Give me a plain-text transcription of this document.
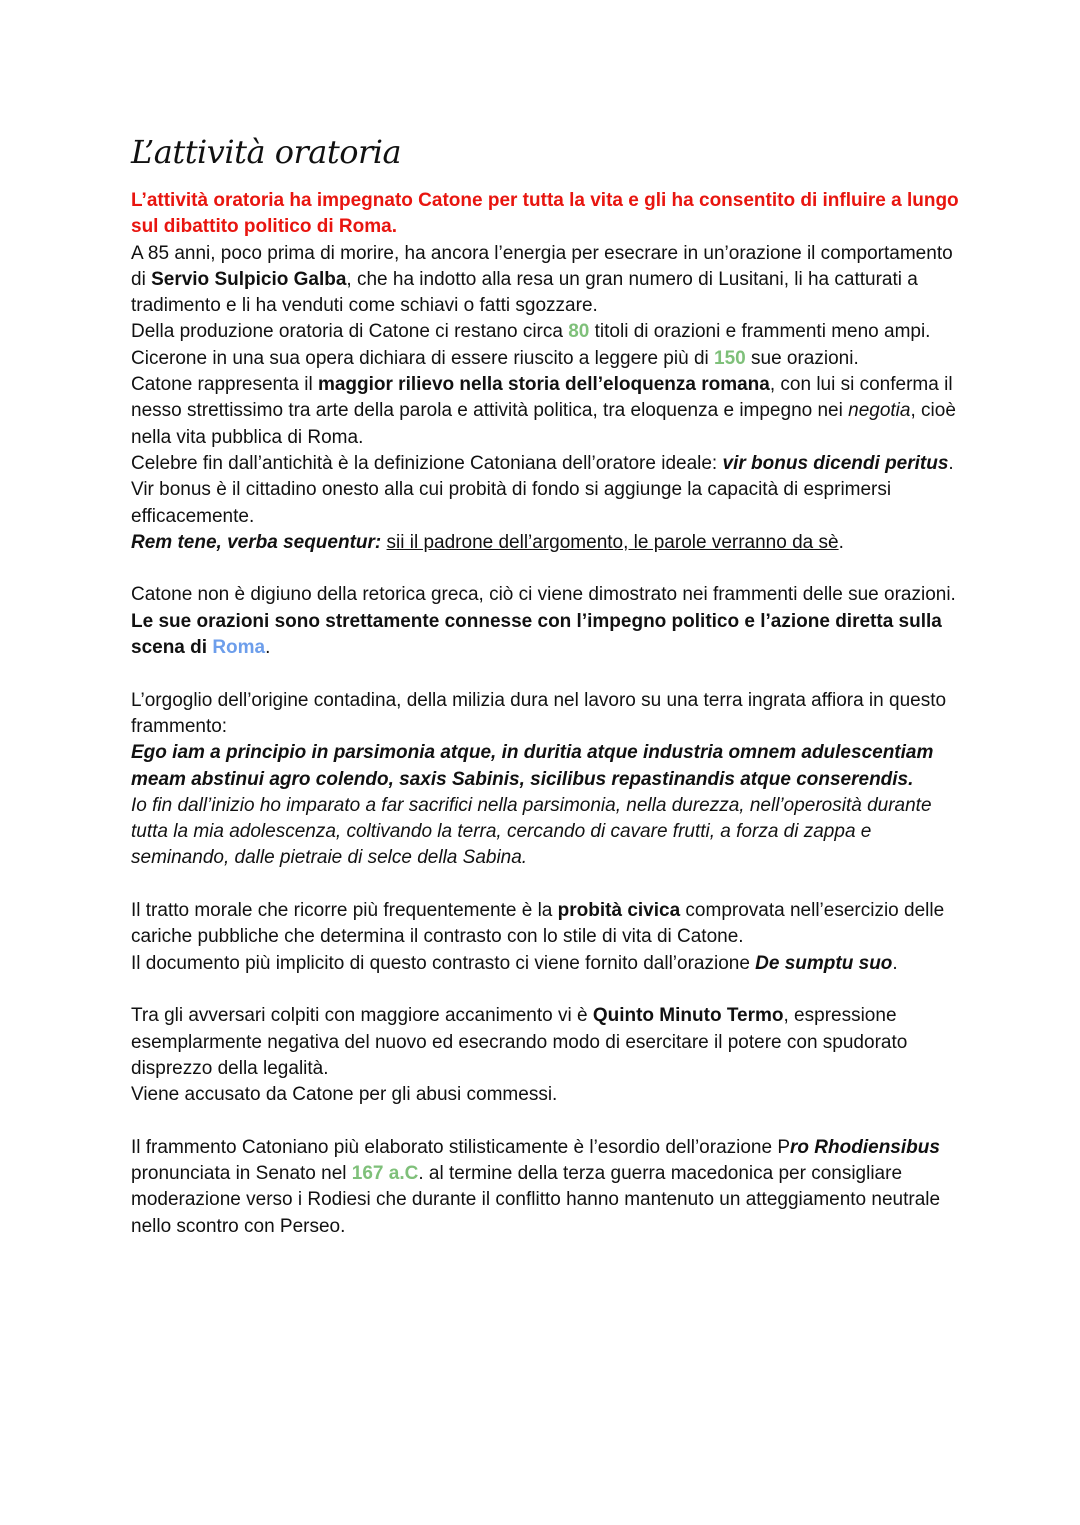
L’attività oratoria

L’attività oratoria ha impegnato Catone per tutta la vita e gli ha consentito di influire a lungo sul dibattito politico di Roma.

A 85 anni, poco prima di morire, ha ancora l’energia per esecrare in un’orazione il comportamento di Servio Sulpicio Galba, che ha indotto alla resa un gran numero di Lusitani, li ha catturati a tradimento e li ha venduti come schiavi o fatti sgozzare.

Della produzione oratoria di Catone ci restano circa 80 titoli di orazioni e frammenti meno ampi.

Cicerone in una sua opera dichiara di essere riuscito a leggere più di 150 sue orazioni.

Catone rappresenta il maggior rilievo nella storia dell’eloquenza romana, con lui si conferma il nesso strettissimo tra arte della parola e attività politica, tra eloquenza e impegno nei negotia, cioè nella vita pubblica di Roma.

Celebre fin dall’antichità è la definizione Catoniana dell’oratore ideale: vir bonus dicendi peritus.

Vir bonus è il cittadino onesto alla cui probità di fondo si aggiunge la capacità di esprimersi efficacemente.

Rem tene, verba sequentur: sii il padrone dell’argomento, le parole verranno da sè.

Catone non è digiuno della retorica greca, ciò ci viene dimostrato nei frammenti delle sue orazioni. Le sue orazioni sono strettamente connesse con l’impegno politico e l’azione diretta sulla scena di Roma.

L’orgoglio dell’origine contadina, della milizia dura nel lavoro su una terra ingrata affiora in questo frammento:

Ego iam a principio in parsimonia atque, in duritia atque industria omnem adulescentiam meam abstinui agro colendo, saxis Sabinis, sicilibus repastinandis atque conserendis.

Io fin dall’inizio ho imparato a far sacrifici nella parsimonia, nella durezza, nell’operosità durante tutta la mia adolescenza, coltivando la terra, cercando di cavare frutti, a forza di zappa e seminando, dalle pietraie di selce della Sabina.

Il tratto morale che ricorre più frequentemente è la probità civica comprovata nell’esercizio delle cariche pubbliche che determina il contrasto con lo stile di vita di Catone.

Il documento più implicito di questo contrasto ci viene fornito dall’orazione De sumptu suo.

Tra gli avversari colpiti con maggiore accanimento vi è Quinto Minuto Termo, espressione esemplarmente negativa del nuovo ed esecrando modo di esercitare il potere con spudorato disprezzo della legalità.

Viene accusato da Catone per gli abusi commessi.

Il frammento Catoniano più elaborato stilisticamente è l’esordio dell’orazione Pro Rhodiensibus pronunciata in Senato nel 167 a.C. al termine della terza guerra macedonica per consigliare moderazione verso i Rodiesi che durante il conflitto hanno mantenuto un atteggiamento neutrale nello scontro con Perseo.
